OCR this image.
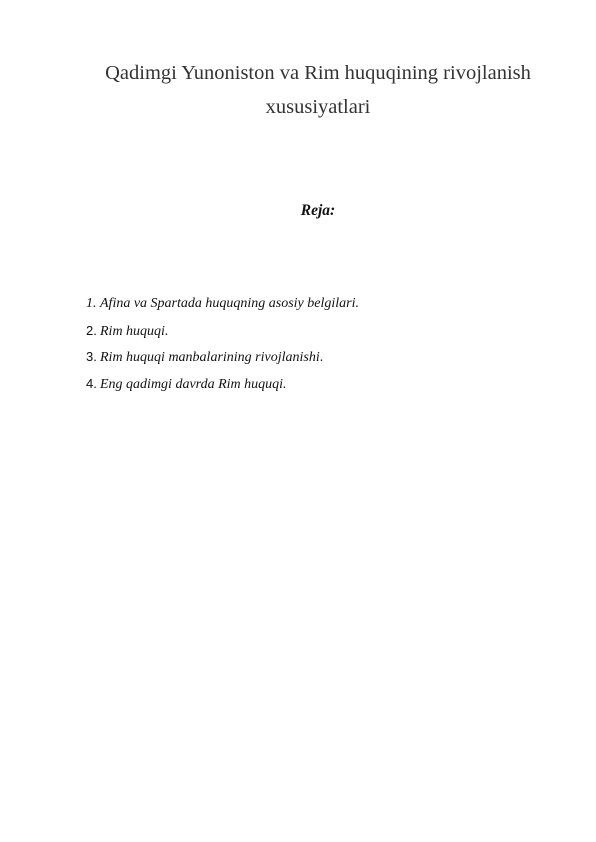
Qadimgi Yunoniston va Rim huquqining rivojlanish
xususiyatlari
Reja:
1. Afina va Spartada huquqning asosiy belgilari.
2. Rim huquqi.
3. Rim huquqi manbalarining rivojlanishi .
4. Eng qadimgi davrda Rim huquqi.
